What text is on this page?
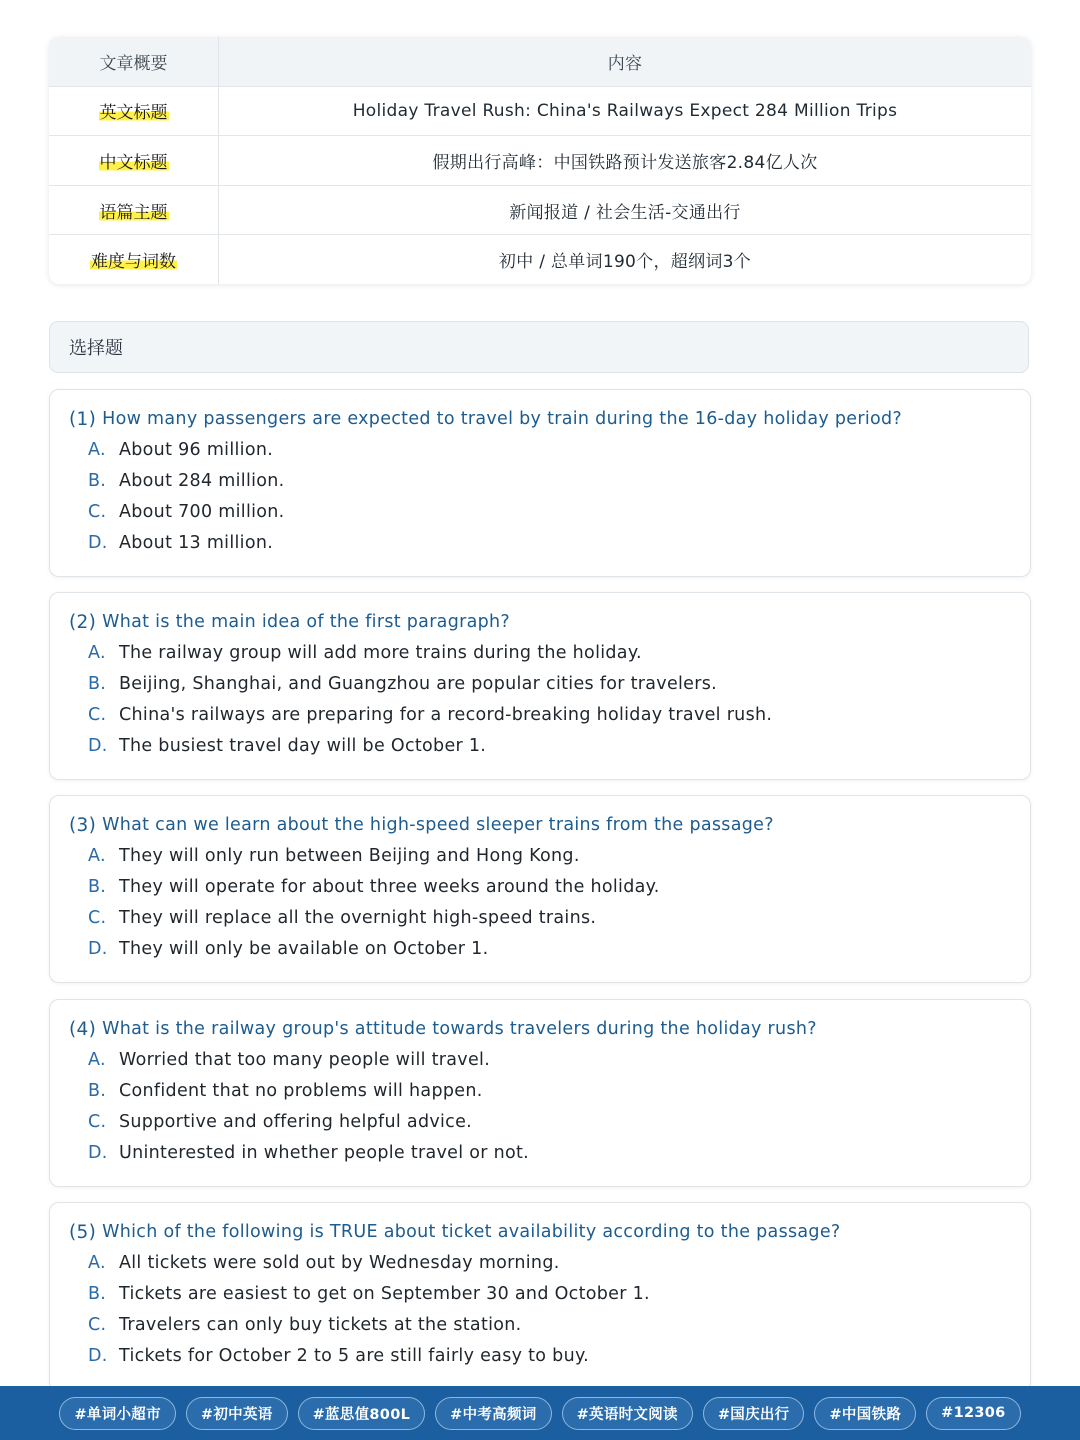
文章概要	内容
英文标题	Holiday Travel Rush: China's Railways Expect 284 Million Trips
中文标题	假期出行高峰：中国铁路预计发送旅客2.84亿人次
语篇主题	新闻报道 / 社会生活-交通出行
难度与词数	初中 / 总单词190个，超纲词3个
选择题
(1) How many passengers are expected to travel by train during the 16-day holiday period?
A. About 96 million.
B. About 284 million.
C. About 700 million.
D. About 13 million.
(2) What is the main idea of the first paragraph?
A. The railway group will add more trains during the holiday.
B. Beijing, Shanghai, and Guangzhou are popular cities for travelers.
C. China's railways are preparing for a record-breaking holiday travel rush.
D. The busiest travel day will be October 1.
(3) What can we learn about the high-speed sleeper trains from the passage?
A. They will only run between Beijing and Hong Kong.
B. They will operate for about three weeks around the holiday.
C. They will replace all the overnight high-speed trains.
D. They will only be available on October 1.
(4) What is the railway group's attitude towards travelers during the holiday rush?
A. Worried that too many people will travel.
B. Confident that no problems will happen.
C. Supportive and offering helpful advice.
D. Uninterested in whether people travel or not.
(5) Which of the following is TRUE about ticket availability according to the passage?
A. All tickets were sold out by Wednesday morning.
B. Tickets are easiest to get on September 30 and October 1.
C. Travelers can only buy tickets at the station.
D. Tickets for October 2 to 5 are still fairly easy to buy.
#单词小超市	#初中英语	#蓝思值800L	#中考高频词	#英语时文阅读	#国庆出行	#中国铁路	#12306
